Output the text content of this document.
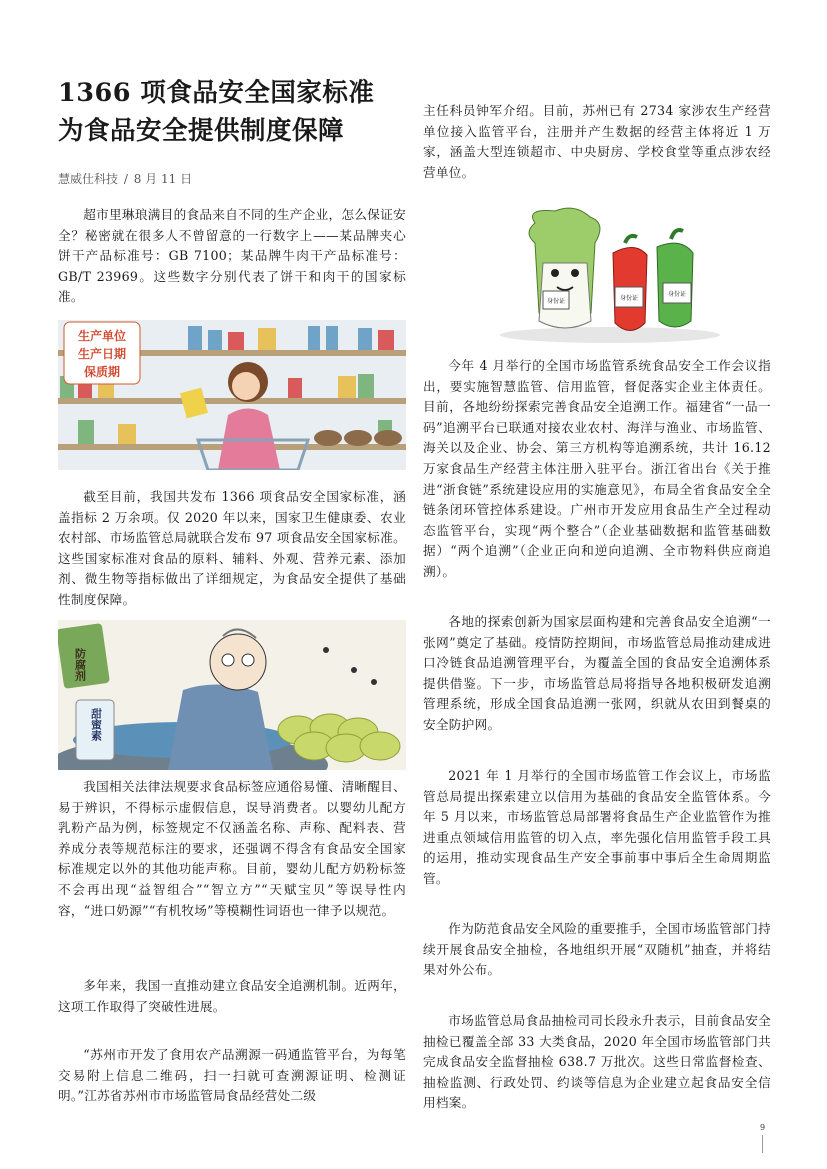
1366 项食品安全国家标准
为食品安全提供制度保障
慧威仕科技 / 8 月 11 日
超市里琳琅满目的食品来自不同的生产企业，怎么保证安全？秘密就在很多人不曾留意的一行数字上——某品牌夹心饼干产品标准号：GB 7100；某品牌牛肉干产品标准号：GB/T 23969。这些数字分别代表了饼干和肉干的国家标准。
生产单位
生产日期
保质期
截至目前，我国共发布 1366 项食品安全国家标准，涵盖指标 2 万余项。仅 2020 年以来，国家卫生健康委、农业农村部、市场监管总局就联合发布 97 项食品安全国家标准。这些国家标准对食品的原料、辅料、外观、营养元素、添加剂、微生物等指标做出了详细规定，为食品安全提供了基础性制度保障。
防腐剂
甜蜜素
我国相关法律法规要求食品标签应通俗易懂、清晰醒目、易于辨识，不得标示虚假信息，误导消费者。以婴幼儿配方乳粉产品为例，标签规定不仅涵盖名称、声称、配料表、营养成分表等规范标注的要求，还强调不得含有食品安全国家标准规定以外的其他功能声称。目前，婴幼儿配方奶粉标签不会再出现“益智组合”“智立方”“天赋宝贝”等误导性内容，“进口奶源”“有机牧场”等模糊性词语也一律予以规范。
多年来，我国一直推动建立食品安全追溯机制。近两年，这项工作取得了突破性进展。
“苏州市开发了食用农产品溯源一码通监管平台，为每笔交易附上信息二维码，扫一扫就可查溯源证明、检测证明。”江苏省苏州市市场监管局食品经营处二级
主任科员钟军介绍。目前，苏州已有 2734 家涉农生产经营单位接入监管平台，注册并产生数据的经营主体将近 1 万家，涵盖大型连锁超市、中央厨房、学校食堂等重点涉农经营单位。
身份证	身份证
身份证
今年 4 月举行的全国市场监管系统食品安全工作会议指出，要实施智慧监管、信用监管，督促落实企业主体责任。目前，各地纷纷探索完善食品安全追溯工作。福建省“一品一码”追溯平台已联通对接农业农村、海洋与渔业、市场监管、海关以及企业、协会、第三方机构等追溯系统，共计 16.12 万家食品生产经营主体注册入驻平台。浙江省出台《关于推进“浙食链”系统建设应用的实施意见》，布局全省食品安全全链条闭环管控体系建设。广州市开发应用食品生产全过程动态监管平台，实现“两个整合”（企业基础数据和监管基础数据）“两个追溯”（企业正向和逆向追溯、全市物料供应商追溯）。
各地的探索创新为国家层面构建和完善食品安全追溯“一张网”奠定了基础。疫情防控期间，市场监管总局推动建成进口冷链食品追溯管理平台，为覆盖全国的食品安全追溯体系提供借鉴。下一步，市场监管总局将指导各地积极研发追溯管理系统，形成全国食品追溯一张网，织就从农田到餐桌的安全防护网。
2021 年 1 月举行的全国市场监管工作会议上，市场监管总局提出探索建立以信用为基础的食品安全监管体系。今年 5 月以来，市场监管总局部署将食品生产企业监管作为推进重点领域信用监管的切入点，率先强化信用监管手段工具的运用，推动实现食品生产安全事前事中事后全生命周期监管。
作为防范食品安全风险的重要推手，全国市场监管部门持续开展食品安全抽检，各地组织开展“双随机”抽查，并将结果对外公布。
市场监管总局食品抽检司司长段永升表示，目前食品安全抽检已覆盖全部 33 大类食品，2020 年全国市场监管部门共完成食品安全监督抽检 638.7 万批次。这些日常监督检查、抽检监测、行政处罚、约谈等信息为企业建立起食品安全信用档案。
9
